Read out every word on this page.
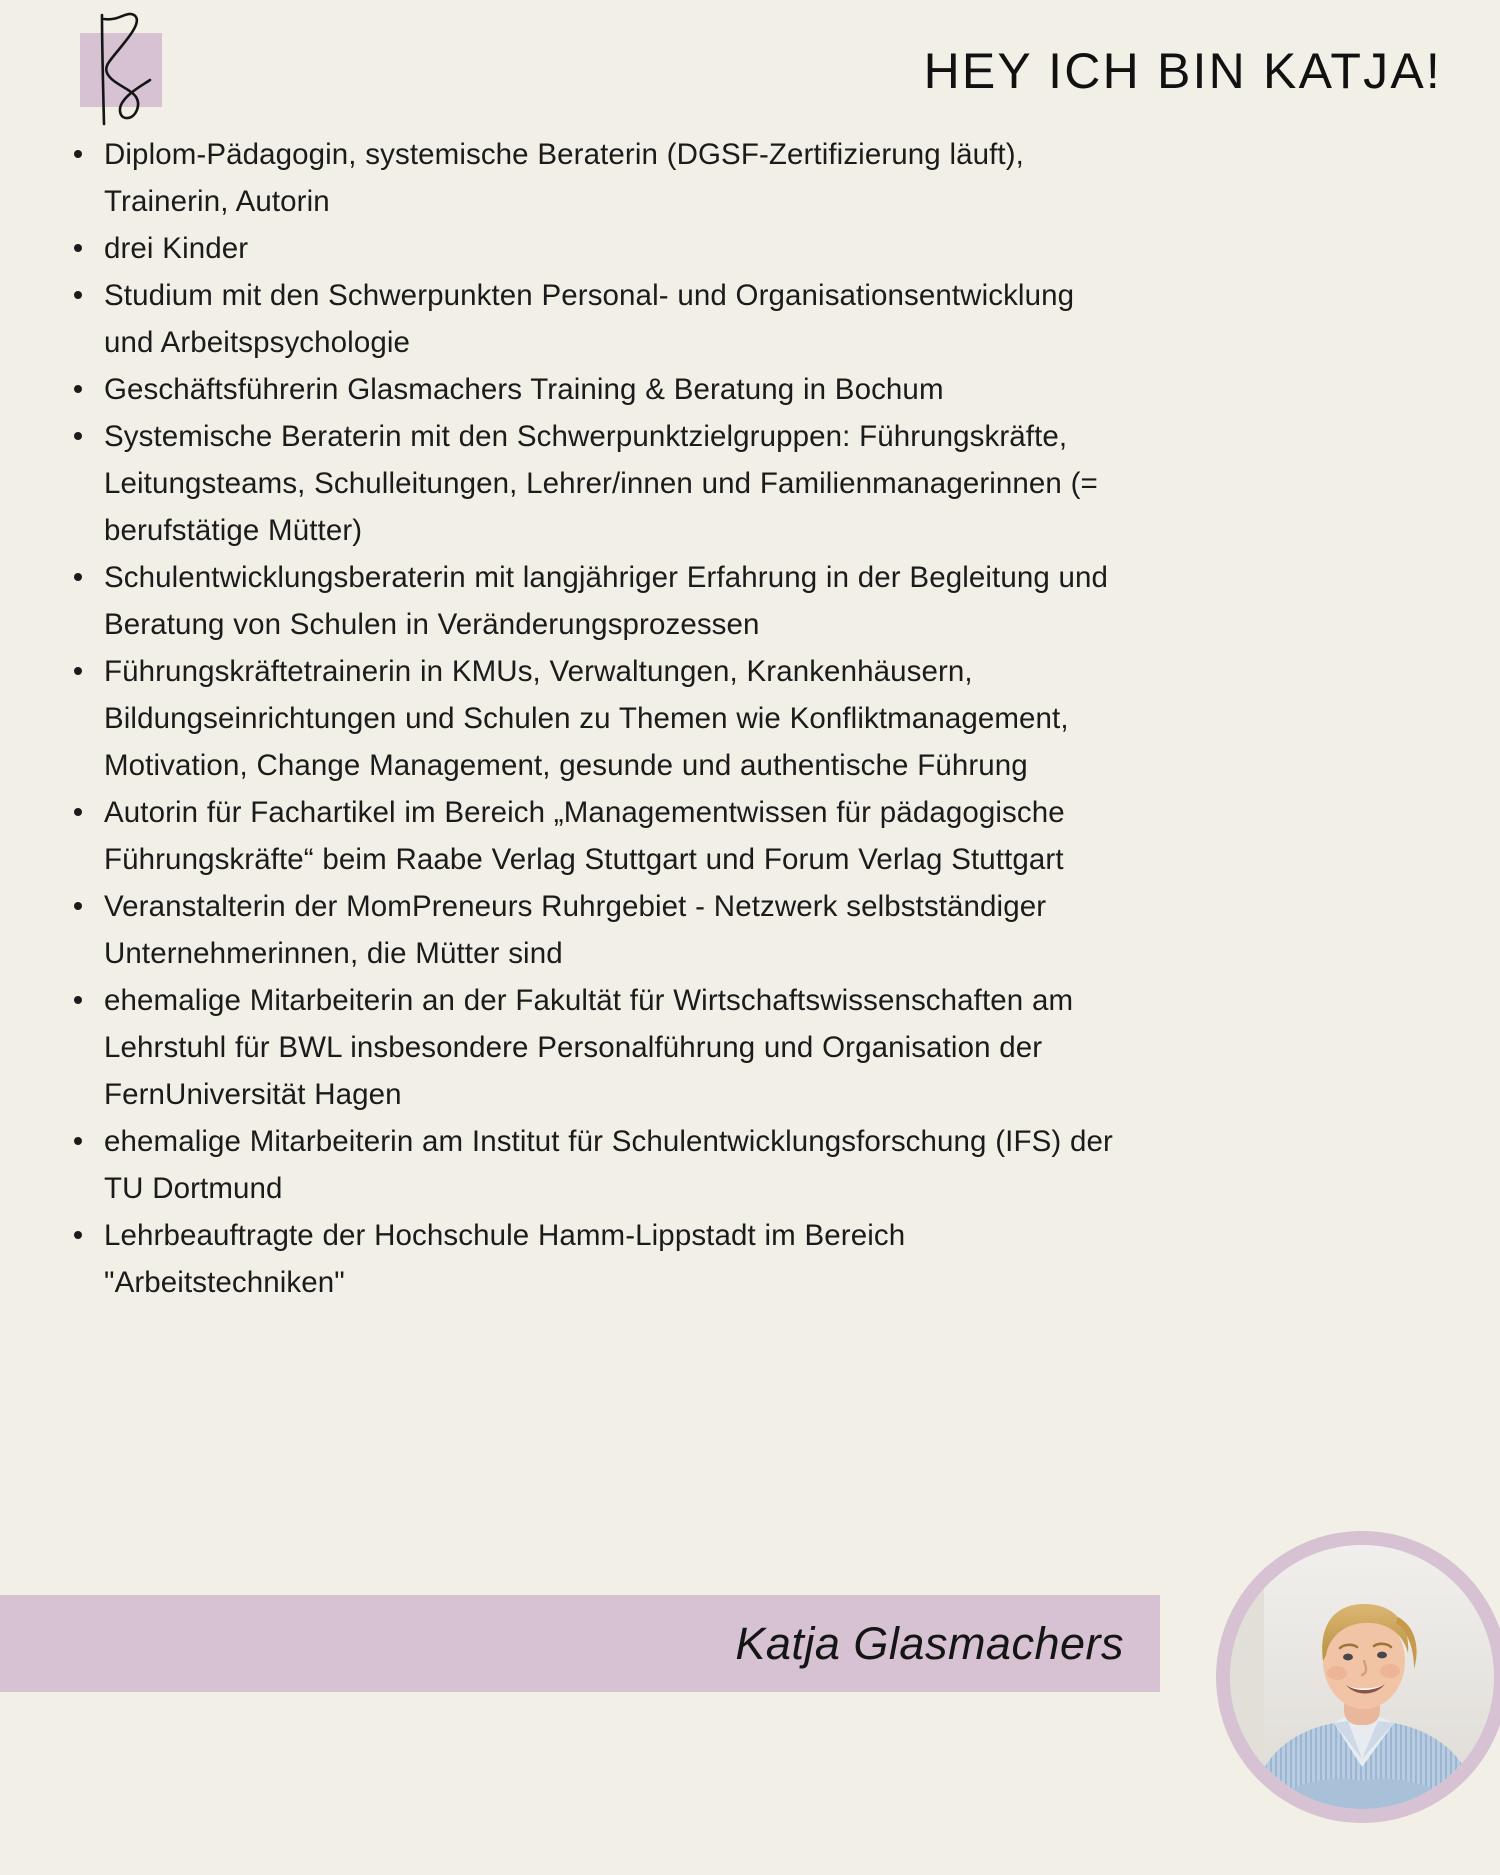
HEY ICH BIN KATJA!
Diplom-Pädagogin, systemische Beraterin (DGSF-Zertifizierung läuft), Trainerin, Autorin
drei Kinder
Studium mit den Schwerpunkten Personal- und Organisationsentwicklung und Arbeitspsychologie
Geschäftsführerin Glasmachers Training & Beratung in Bochum
Systemische Beraterin mit den Schwerpunktzielgruppen: Führungskräfte, Leitungsteams, Schulleitungen, Lehrer/innen und Familienmanagerinnen (= berufstätige Mütter)
Schulentwicklungsberaterin mit langjähriger Erfahrung in der Begleitung und Beratung von Schulen in Veränderungsprozessen
Führungskräftetrainerin in KMUs, Verwaltungen, Krankenhäusern, Bildungseinrichtungen und Schulen zu Themen wie Konfliktmanagement, Motivation, Change Management, gesunde und authentische Führung
Autorin für Fachartikel im Bereich „Managementwissen für pädagogische Führungskräfte“ beim Raabe Verlag Stuttgart und Forum Verlag Stuttgart
Veranstalterin der MomPreneurs Ruhrgebiet - Netzwerk selbstständiger Unternehmerinnen, die Mütter sind
ehemalige Mitarbeiterin an der Fakultät für Wirtschaftswissenschaften am Lehrstuhl für BWL insbesondere Personalführung und Organisation der FernUniversität Hagen
ehemalige Mitarbeiterin am Institut für Schulentwicklungsforschung (IFS) der TU Dortmund
Lehrbeauftragte der Hochschule Hamm-Lippstadt im Bereich "Arbeitstechniken"
Katja Glasmachers
